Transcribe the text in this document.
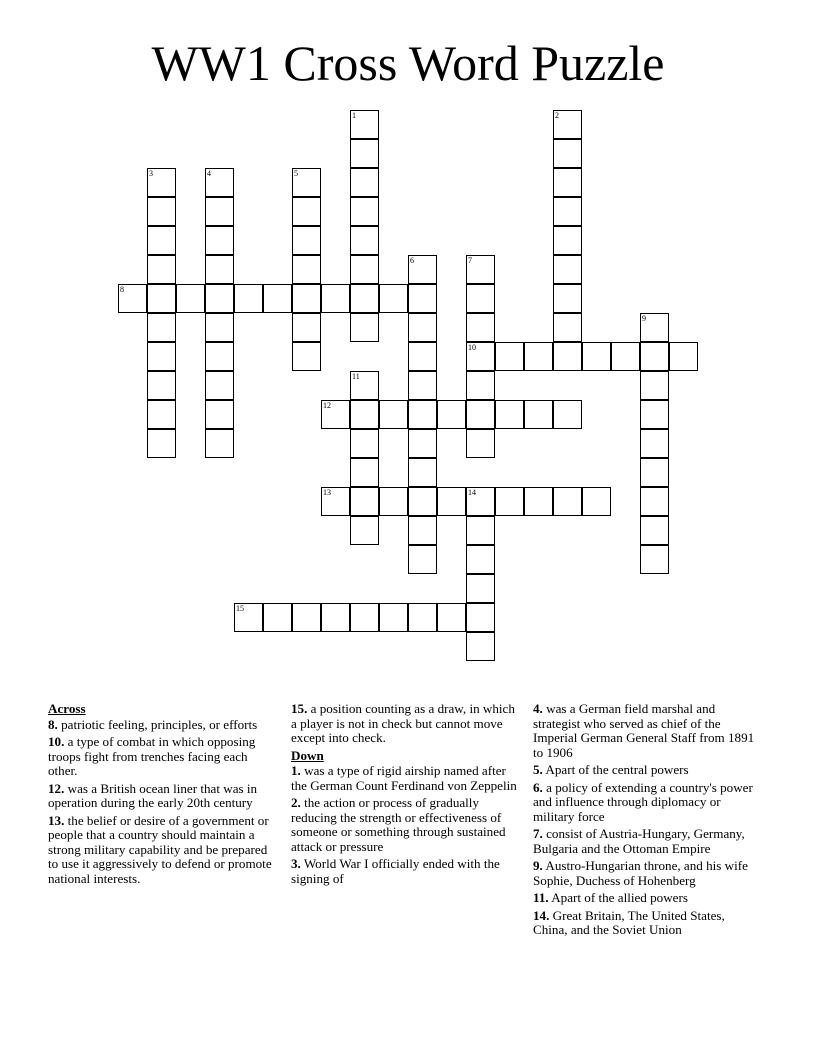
WW1 Cross Word Puzzle
1	2
3	4	5
6	7
8
9
10
11
12
13	14
15
Across
8. patriotic feeling, principles, or efforts
10. a type of combat in which opposing troops fight from trenches facing each other.
12. was a British ocean liner that was in operation during the early 20th century
13. the belief or desire of a government or people that a country should maintain a strong military capability and be prepared to use it aggressively to defend or promote national interests.
15. a position counting as a draw, in which a player is not in check but cannot move except into check.
Down
1. was a type of rigid airship named after the German Count Ferdinand von Zeppelin
2. the action or process of gradually reducing the strength or effectiveness of someone or something through sustained attack or pressure
3. World War I officially ended with the signing of
4. was a German field marshal and strategist who served as chief of the Imperial German General Staff from 1891 to 1906
5. Apart of the central powers
6. a policy of extending a country's power and influence through diplomacy or military force
7. consist of Austria-Hungary, Germany, Bulgaria and the Ottoman Empire
9. Austro-Hungarian throne, and his wife Sophie, Duchess of Hohenberg
11. Apart of the allied powers
14. Great Britain, The United States, China, and the Soviet Union
